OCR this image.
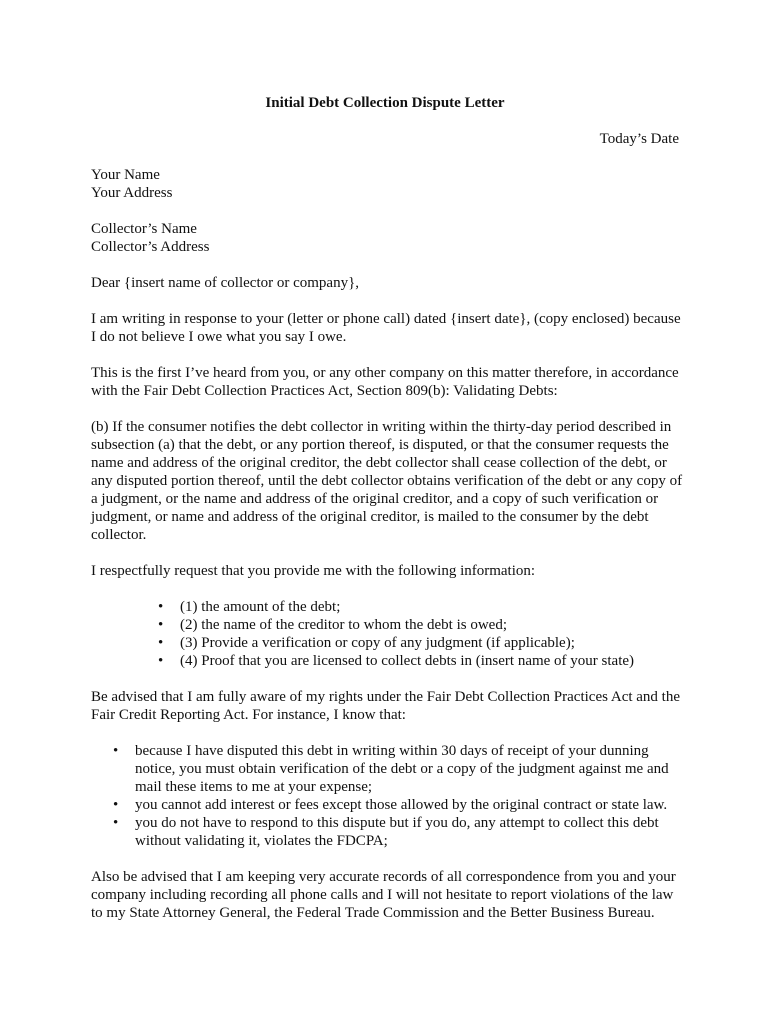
Initial Debt Collection Dispute Letter
Today’s Date

Your Name
Your Address

Collector’s Name
Collector’s Address

Dear {insert name of collector or company},

I am writing in response to your (letter or phone call) dated {insert date}, (copy enclosed) because I do not believe I owe what you say I owe.

This is the first I’ve heard from you, or any other company on this matter therefore, in accordance with the Fair Debt Collection Practices Act, Section 809(b): Validating Debts:

(b) If the consumer notifies the debt collector in writing within the thirty-day period described in subsection (a) that the debt, or any portion thereof, is disputed, or that the consumer requests the name and address of the original creditor, the debt collector shall cease collection of the debt, or any disputed portion thereof, until the debt collector obtains verification of the debt or any copy of a judgment, or the name and address of the original creditor, and a copy of such verification or judgment, or name and address of the original creditor, is mailed to the consumer by the debt collector.

I respectfully request that you provide me with the following information:

• (1) the amount of the debt;
• (2) the name of the creditor to whom the debt is owed;
• (3) Provide a verification or copy of any judgment (if applicable);
• (4) Proof that you are licensed to collect debts in (insert name of your state)

Be advised that I am fully aware of my rights under the Fair Debt Collection Practices Act and the Fair Credit Reporting Act. For instance, I know that:

• because I have disputed this debt in writing within 30 days of receipt of your dunning notice, you must obtain verification of the debt or a copy of the judgment against me and mail these items to me at your expense;
• you cannot add interest or fees except those allowed by the original contract or state law.
• you do not have to respond to this dispute but if you do, any attempt to collect this debt without validating it, violates the FDCPA;

Also be advised that I am keeping very accurate records of all correspondence from you and your company including recording all phone calls and I will not hesitate to report violations of the law to my State Attorney General, the Federal Trade Commission and the Better Business Bureau.
